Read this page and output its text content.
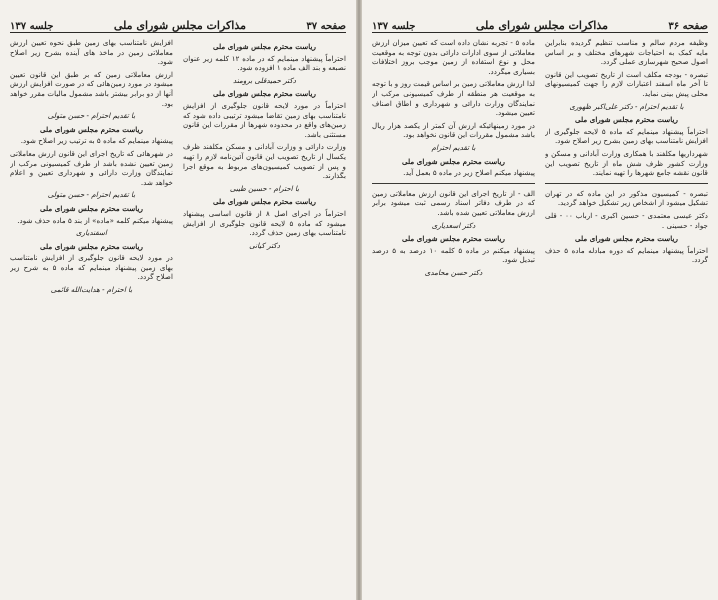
صفحه ۳۷
مذاکرات مجلس شورای ملی
جلسه ۱۳۷
ریاست محترم مجلس شورای ملی

احتراماً پیشنهاد مینمایم که در ماده ۱۲ کلمه زیر عنوان نصبعه و بند الف ماده ۱ افزوده شود.

دکتر حمیدقلی برومند
ریاست محترم مجلس شورای ملی

احتراماً در مورد لایحه قانون جلوگیری از افزایش نامتناسب بهای زمین تقاضا میشود ترتیبی داده شود که زمین‌های واقع در محدوده شهرها از مقررات این قانون مستثنی باشد.

وزارت دارائی و وزارت آبادانی و مسکن مکلفند ظرف یکسال از تاریخ تصویب این قانون آئین‌نامه لازم را تهیه و پس از تصویب کمیسیون‌های مربوط به موقع اجرا بگذارند.

با احترام - حسین طیبی
ریاست محترم مجلس شورای ملی

احتراماً در اجرای اصل ۸ از قانون اساسی پیشنهاد میشود که ماده ۵ لایحه قانون جلوگیری از افزایش نامتناسب بهای زمین حذف گردد.

دکتر کیانی

افزایش نامتناسب بهای زمین طبق نحوه تعیین ارزش معاملاتی زمین در ماخذ های آینده بشرح زیر اصلاح شود.

ارزش معاملاتی زمین که بر طبق این قانون تعیین میشود در مورد زمین‌هائی که در صورت افزایش ارزش آنها از دو برابر بیشتر باشد مشمول مالیات مقرر خواهد بود.

با تقدیم احترام - حسن متولی
ریاست محترم مجلس شورای ملی

پیشنهاد مینمایم که ماده ۵ به ترتیب زیر اصلاح شود.

در شهرهائی که تاریخ اجرای این قانون ارزش معاملاتی زمین تعیین نشده باشد از طرف کمیسیونی مرکب از نمایندگان وزارت دارائی و شهرداری تعیین و اعلام خواهد شد.

با تقدیم احترام - حسن متولی
ریاست محترم مجلس شورای ملی

پیشنهاد میکنم کلمه «ماده» از بند ۵ ماده حذف شود.

اسفندیاری
ریاست محترم مجلس شورای ملی

در مورد لایحه قانون جلوگیری از افزایش نامتناسب بهای زمین پیشنهاد مینمایم که ماده ۵ به شرح زیر اصلاح گردد.

با احترام - هدایت‌الله قائمی
صفحه ۳۶
مذاکرات مجلس شورای ملی
جلسه ۱۳۷

وظیفه مردم سالم و مناسب تنظیم گردیده بنابراین مایه کمک به احتیاجات شهرهای مختلف و بر اساس اصول صحیح شهرسازی عملی گردد.

تبصره - بودجه مکلف است از تاریخ تصویب این قانون تا آخر ماه اسفند اعتبارات لازم را جهت کمیسیونهای محلی پیش بینی نماید.

با تقدیم احترام - دکتر علی‌اکبر ظهوری
ریاست محترم مجلس شورای ملی

احتراماً پیشنهاد مینمایم که ماده ۵ لایحه جلوگیری از افزایش نامتناسب بهای زمین بشرح زیر اصلاح شود.

شهرداریها مکلفند با همکاری وزارت آبادانی و مسکن و وزارت کشور ظرف شش ماه از تاریخ تصویب این قانون نقشه جامع شهرها را تهیه نمایند.

تبصره - کمیسیون مذکور در این ماده که در تهران تشکیل میشود از اشخاص زیر تشکیل خواهد گردید.

دکتر عیسی معتمدی - حسین اکبری - ارباب ۰۰ - قلی جواد - حسینی .

ریاست محترم مجلس شورای ملی

احتراماً پیشنهاد مینمایم که دوره مبادله ماده ۵ حذف گردد.

ماده ۵ - تجربه نشان داده است که تعیین میزان ارزش معاملاتی از سوی ادارات دارائی بدون توجه به موقعیت محل و نوع استفاده از زمین موجب بروز اختلافات بسیاری میگردد.

لذا ارزش معاملاتی زمین بر اساس قیمت روز و با توجه به موقعیت هر منطقه از طرف کمیسیونی مرکب از نمایندگان وزارت دارائی و شهرداری و اطاق اصناف تعیین میشود.

در مورد زمینهائیکه ارزش آن کمتر از یکصد هزار ریال باشد مشمول مقررات این قانون نخواهد بود.

با تقدیم احترام
ریاست محترم مجلس شورای ملی

پیشنهاد میکنم اصلاح زیر در ماده ۵ بعمل آید.

الف - از تاریخ اجرای این قانون ارزش معاملاتی زمین که در طرف دفاتر اسناد رسمی ثبت میشود برابر ارزش معاملاتی تعیین شده باشد.

دکتر اسعدیاری
ریاست محترم مجلس شورای ملی

پیشنهاد میکنم در ماده ۵ کلمه ۱۰ درصد به ۵ درصد تبدیل شود.

دکتر حسن محامدی
